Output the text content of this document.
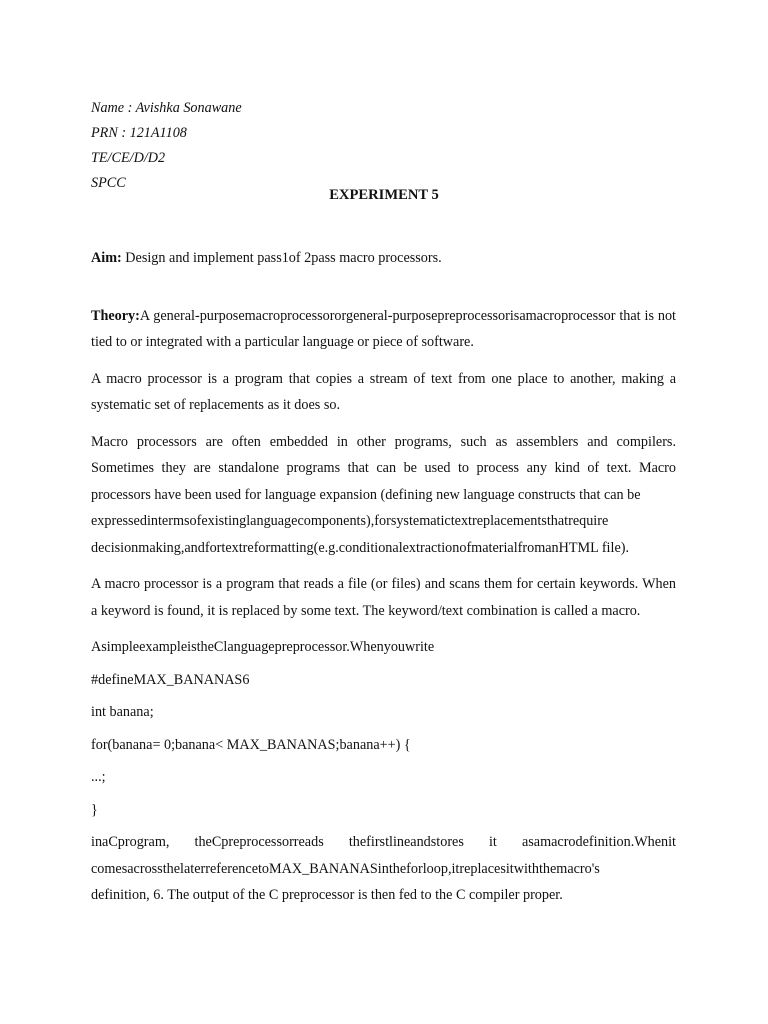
Name : Avishka Sonawane
PRN : 121A1108
TE/CE/D/D2
SPCC
EXPERIMENT 5

Aim: Design and implement pass1of 2pass macro processors.

Theory:A general-purposemacroprocessororgeneral-purposepreprocessorisamacroprocessor that is not tied to or integrated with a particular language or piece of software.

A macro processor is a program that copies a stream of text from one place to another, making a systematic set of replacements as it does so.

Macro processors are often embedded in other programs, such as assemblers and compilers. Sometimes they are standalone programs that can be used to process any kind of text. Macro processors have been used for language expansion (defining new language constructs that can be

expressedintermsofexistinglanguagecomponents),forsystematictextreplacementsthatrequire

decisionmaking,andfortextreformatting(e.g.conditionalextractionofmaterialfromanHTML file).

A macro processor is a program that reads a file (or files) and scans them for certain keywords. When a keyword is found, it is replaced by some text. The keyword/text combination is called a macro.

AsimpleexampleistheClanguagepreprocessor.Whenyouwrite

#defineMAX_BANANAS6

int banana;

for(banana= 0;banana< MAX_BANANAS;banana++) {

...;

}

inaCprogram, theCpreprocessorreads thefirstlineandstores it asamacrodefinition.Whenit

comesacrossthelaterreferencetoMAX_BANANASintheforloop,itreplacesitwiththemacro's

definition, 6. The output of the C preprocessor is then fed to the C compiler proper.
